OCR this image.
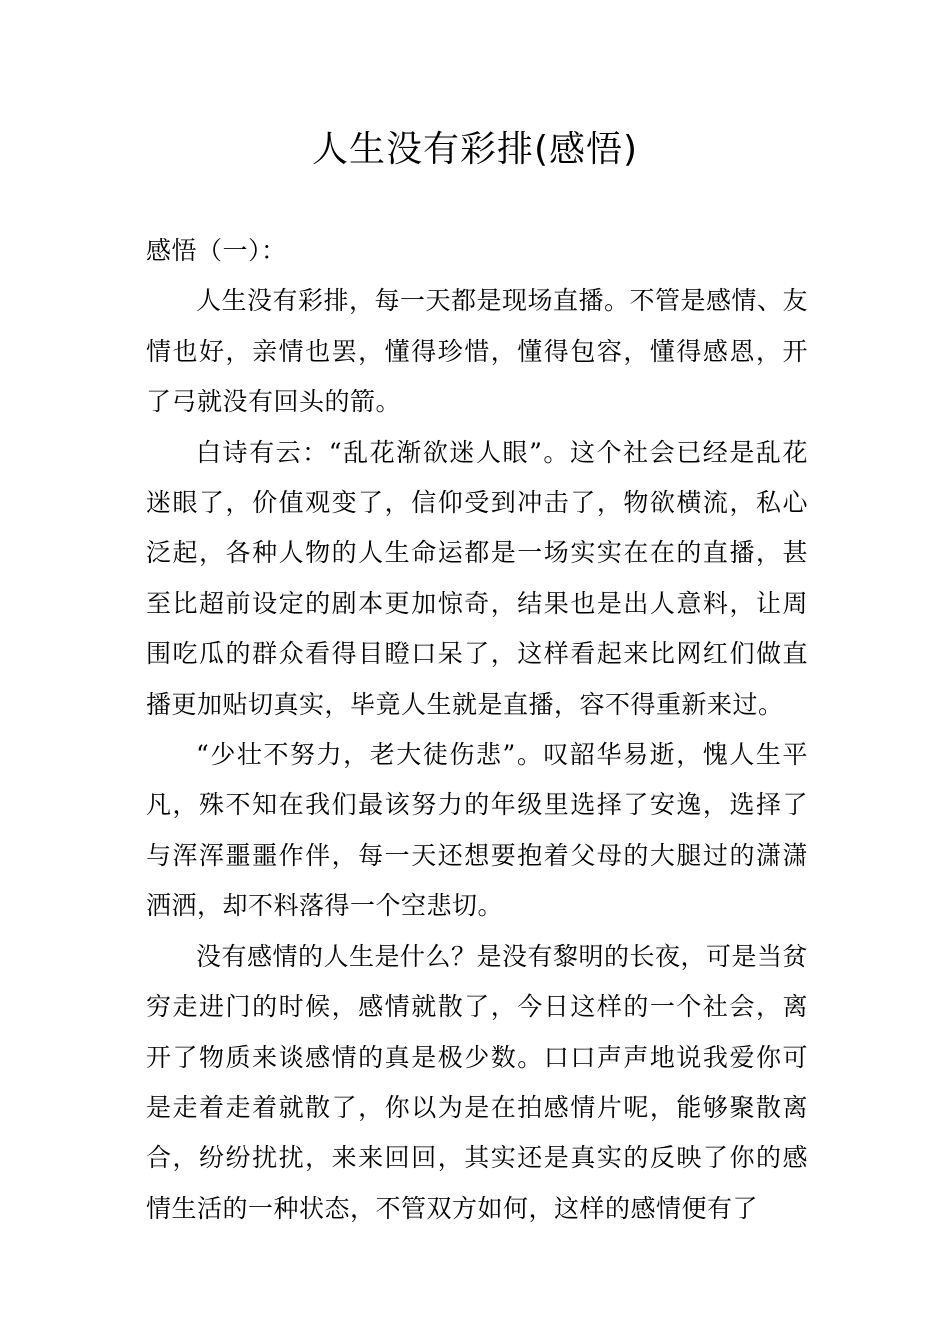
人生没有彩排(感悟)

感悟（一）：

人生没有彩排，每一天都是现场直播。不管是感情、友情也好，亲情也罢，懂得珍惜，懂得包容，懂得感恩，开了弓就没有回头的箭。

白诗有云：“乱花渐欲迷人眼”。这个社会已经是乱花迷眼了，价值观变了，信仰受到冲击了，物欲横流，私心泛起，各种人物的人生命运都是一场实实在在的直播，甚至比超前设定的剧本更加惊奇，结果也是出人意料，让周围吃瓜的群众看得目瞪口呆了，这样看起来比网红们做直播更加贴切真实，毕竟人生就是直播，容不得重新来过。

“少壮不努力，老大徒伤悲”。叹韶华易逝，愧人生平凡，殊不知在我们最该努力的年级里选择了安逸，选择了与浑浑噩噩作伴，每一天还想要抱着父母的大腿过的潇潇洒洒，却不料落得一个空悲切。

没有感情的人生是什么？是没有黎明的长夜，可是当贫穷走进门的时候，感情就散了，今日这样的一个社会，离开了物质来谈感情的真是极少数。口口声声地说我爱你可是走着走着就散了，你以为是在拍感情片呢，能够聚散离合，纷纷扰扰，来来回回，其实还是真实的反映了你的感情生活的一种状态，不管双方如何，这样的感情便有了
